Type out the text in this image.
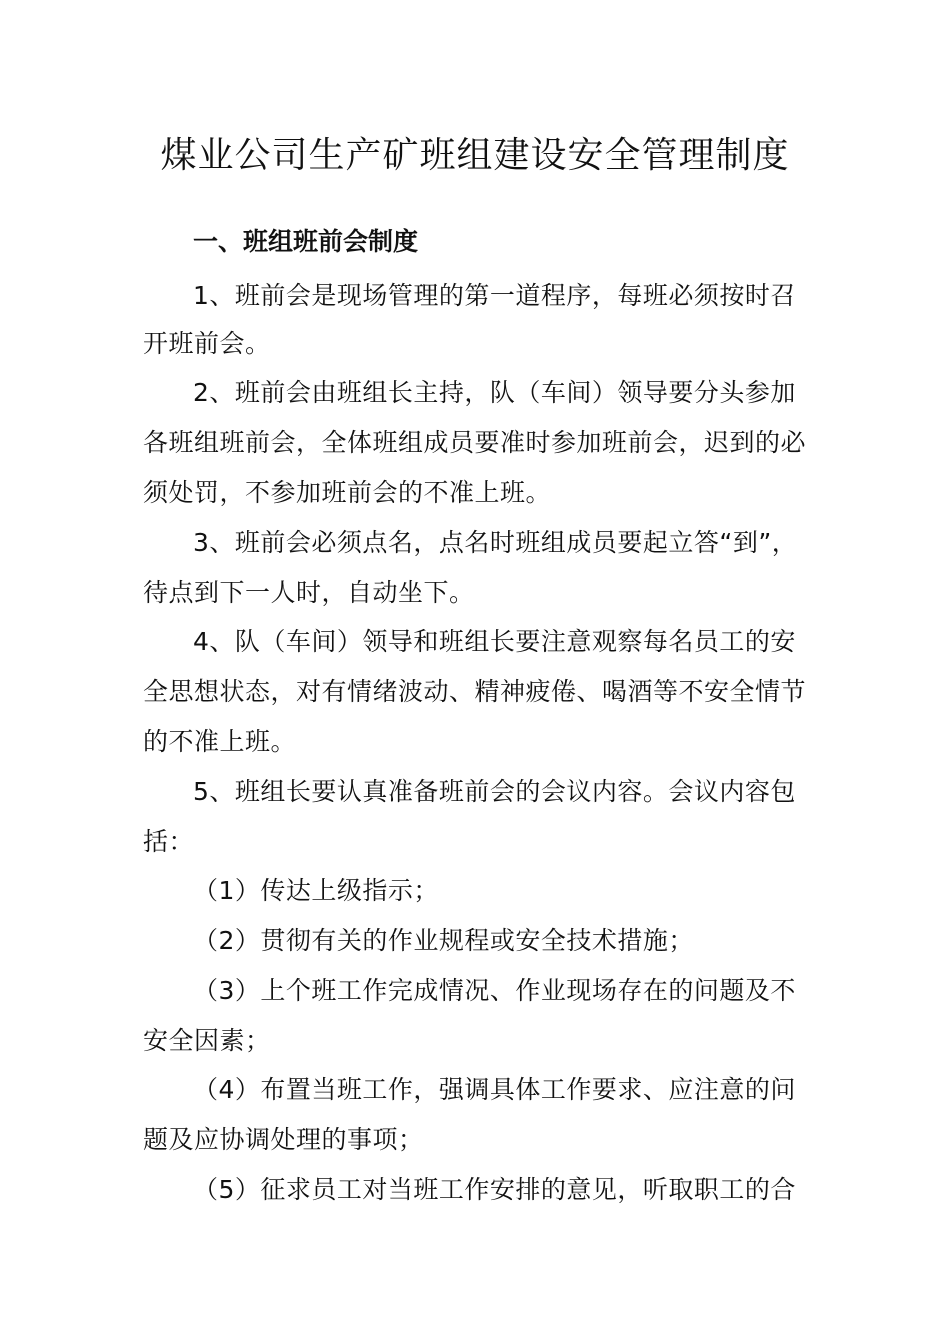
煤业公司生产矿班组建设安全管理制度
一、班组班前会制度
1、班前会是现场管理的第一道程序，每班必须按时召
开班前会。
2、班前会由班组长主持，队（车间）领导要分头参加
各班组班前会，全体班组成员要准时参加班前会，迟到的必
须处罚，不参加班前会的不准上班。
3、班前会必须点名，点名时班组成员要起立答“到”，
待点到下一人时，自动坐下。
4、队（车间）领导和班组长要注意观察每名员工的安
全思想状态，对有情绪波动、精神疲倦、喝酒等不安全情节
的不准上班。
5、班组长要认真准备班前会的会议内容。会议内容包
括：
（1）传达上级指示；
（2）贯彻有关的作业规程或安全技术措施；
（3）上个班工作完成情况、作业现场存在的问题及不
安全因素；
（4）布置当班工作，强调具体工作要求、应注意的问
题及应协调处理的事项；
（5）征求员工对当班工作安排的意见，听取职工的合
